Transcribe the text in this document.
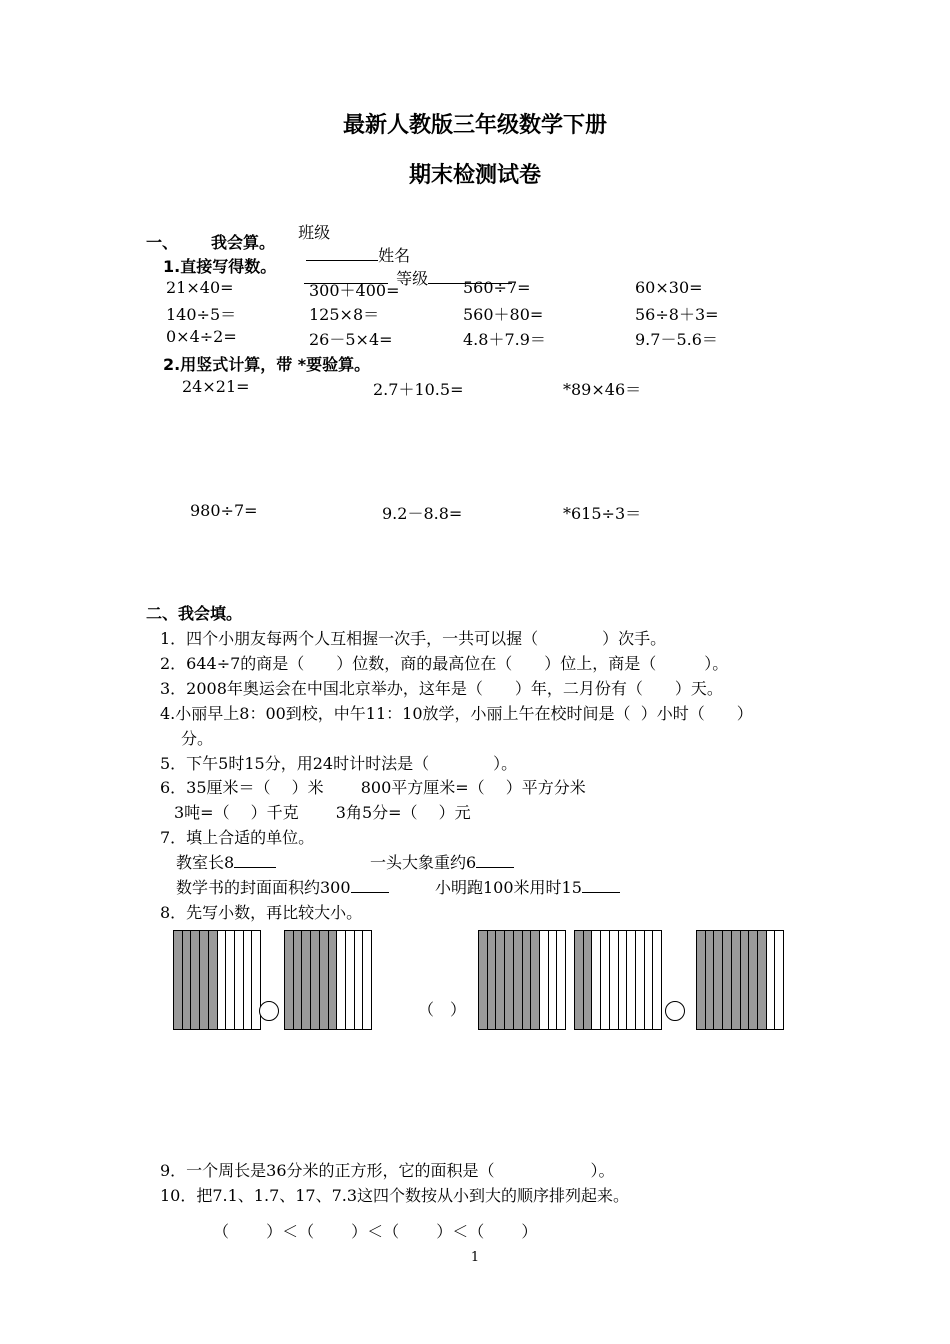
最新人教版三年级数学下册
期末检测试卷

班级
姓名
等级

一、 我会算。
1.直接写得数。
21×40=	300＋400=	560÷7=	60×30=
140÷5＝	125×8＝	560＋80=	56÷8＋3=
0×4÷2=	26－5×4=	4.8＋7.9＝	9.7－5.6＝
2.用竖式计算，带 *要验算。
24×21=	2.7＋10.5=	*89×46＝
980÷7=	9.2－8.8=	*615÷3＝
二、我会填。
1．四个小朋友每两个人互相握一次手，一共可以握（　　　　）次手。
2．644÷7的商是（　　）位数，商的最高位在（　　）位上，商是（　　　）。
3．2008年奥运会在中国北京举办，这年是（　　）年，二月份有（　　）天。
4.小丽早上8：00到校，中午11：10放学，小丽上午在校时间是（  ）小时（　　）
分。
5．下午5时15分，用24时计时法是（　　　　）。
6．35厘米＝（　 ）米　　 800平方厘米=（　 ）平方分米
3吨=（　 ）千克　　 3角5分=（　 ）元
7．填上合适的单位。
教室长8	一头大象重约6
数学书的封面面积约300	小明跑100米用时15
8．先写小数，再比较大小。
（　）
9．一个周长是36分米的正方形，它的面积是（　　　　　　）。
10．把7.1、1.7、17、7.3这四个数按从小到大的顺序排列起来。
（　　 ）＜（　　 ）＜（　　 ）＜（　　 ）
1
